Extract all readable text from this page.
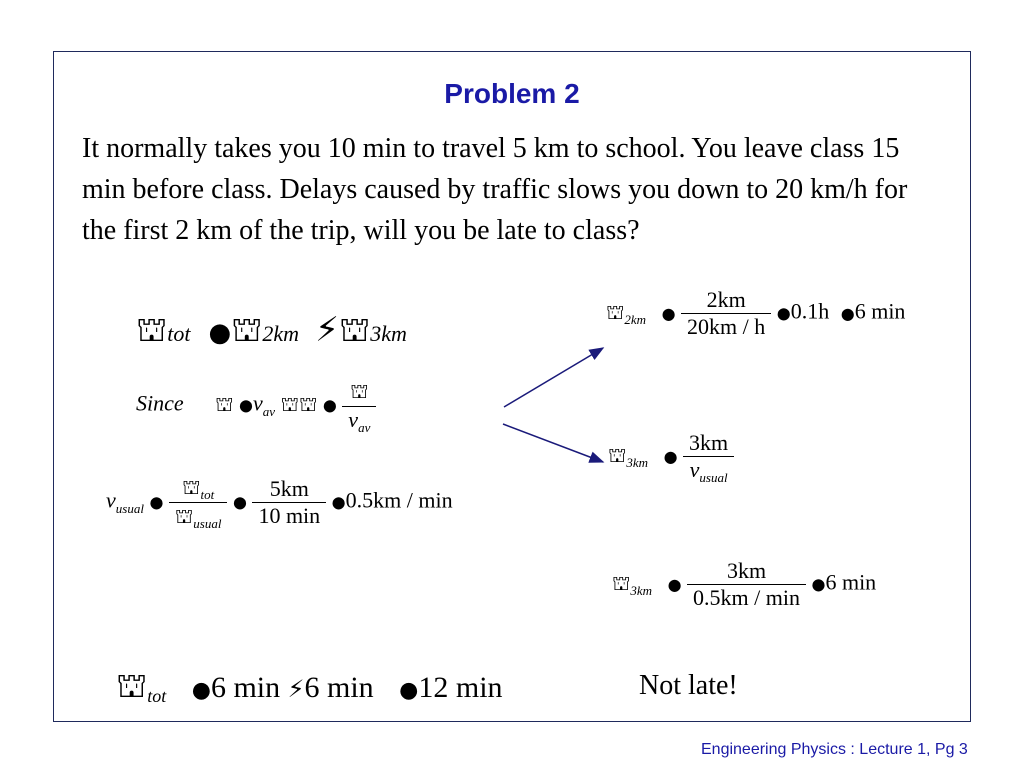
Problem 2

It normally takes you 10 min to travel 5 km to school. You leave class 15 min before class. Delays caused by traffic slows you down to 20 km/h for the first 2 km of the trip, will you be late to class?

⛫tot ●⛫2km ⚡⛫3km
Since ⛫ $●v_{av}$ ⛫⛫ ● $\frac{⛫}{v_{av}}$
$v_{usual}$ ● $\frac{⛫_{tot}}{⛫_{usual}}$ ● $\frac{5km}{10 \min}$ ●0.5km / min
$⛫_{2km}$ ● $\frac{2km}{20km / h}$ ●0.1h ●6 min
$⛫_{3km}$ ● $\frac{3km}{v_{usual}}$
$⛫_{3km}$ ● $\frac{3km}{0.5km / \min}$ ●6 min
⛫tot ●6 min ⚡6 min ●12 min	Not late!
Engineering Physics : Lecture 1, Pg 3
